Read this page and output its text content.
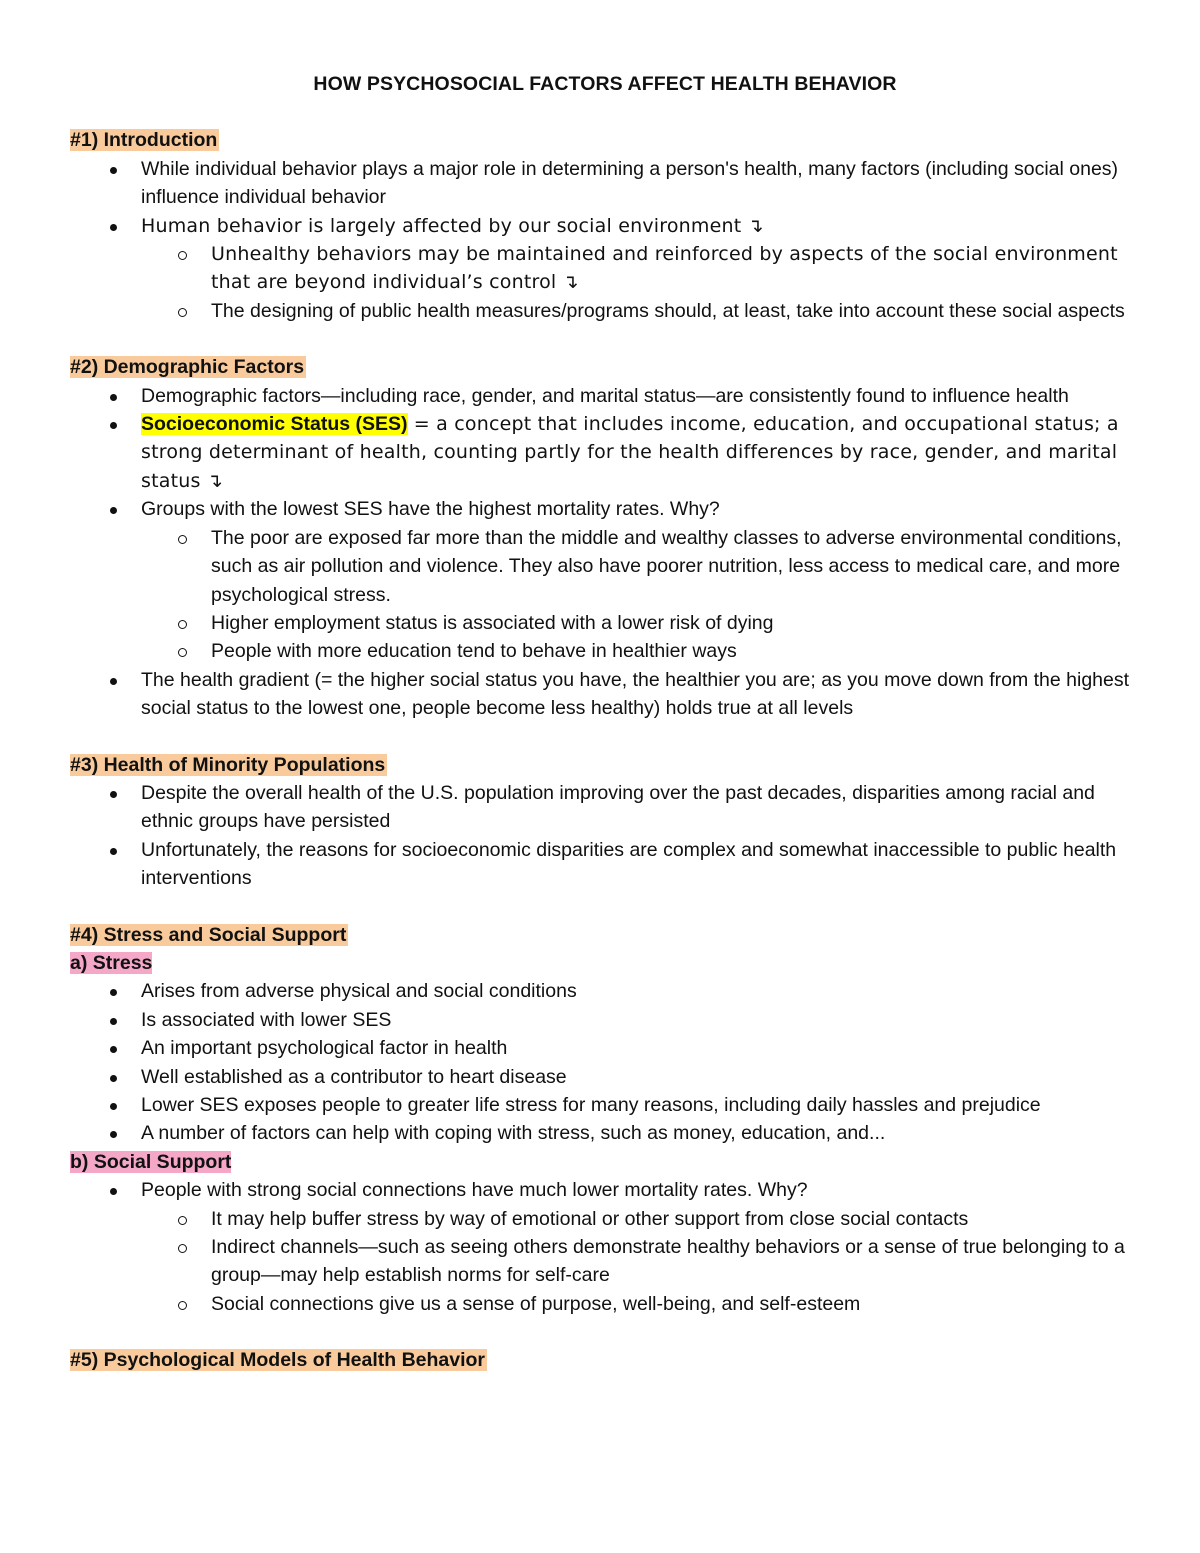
HOW PSYCHOSOCIAL FACTORS AFFECT HEALTH BEHAVIOR
#1) Introduction
While individual behavior plays a major role in determining a person's health, many factors (including social ones) influence individual behavior
Human behavior is largely affected by our social environment ↴
Unhealthy behaviors may be maintained and reinforced by aspects of the social environment that are beyond individual’s control ↴
The designing of public health measures/programs should, at least, take into account these social aspects
#2) Demographic Factors
Demographic factors—including race, gender, and marital status—are consistently found to influence health
Socioeconomic Status (SES) = a concept that includes income, education, and occupational status; a strong determinant of health, counting partly for the health differences by race, gender, and marital status ↴
Groups with the lowest SES have the highest mortality rates. Why?
The poor are exposed far more than the middle and wealthy classes to adverse environmental conditions, such as air pollution and violence. They also have poorer nutrition, less access to medical care, and more psychological stress.
Higher employment status is associated with a lower risk of dying
People with more education tend to behave in healthier ways
The health gradient (= the higher social status you have, the healthier you are; as you move down from the highest social status to the lowest one, people become less healthy) holds true at all levels
#3) Health of Minority Populations
Despite the overall health of the U.S. population improving over the past decades, disparities among racial and ethnic groups have persisted
Unfortunately, the reasons for socioeconomic disparities are complex and somewhat inaccessible to public health interventions
#4) Stress and Social Support
a) Stress
Arises from adverse physical and social conditions
Is associated with lower SES
An important psychological factor in health
Well established as a contributor to heart disease
Lower SES exposes people to greater life stress for many reasons, including daily hassles and prejudice
A number of factors can help with coping with stress, such as money, education, and...
b) Social Support
People with strong social connections have much lower mortality rates. Why?
It may help buffer stress by way of emotional or other support from close social contacts
Indirect channels—such as seeing others demonstrate healthy behaviors or a sense of true belonging to a group—may help establish norms for self-care
Social connections give us a sense of purpose, well-being, and self-esteem
#5) Psychological Models of Health Behavior
